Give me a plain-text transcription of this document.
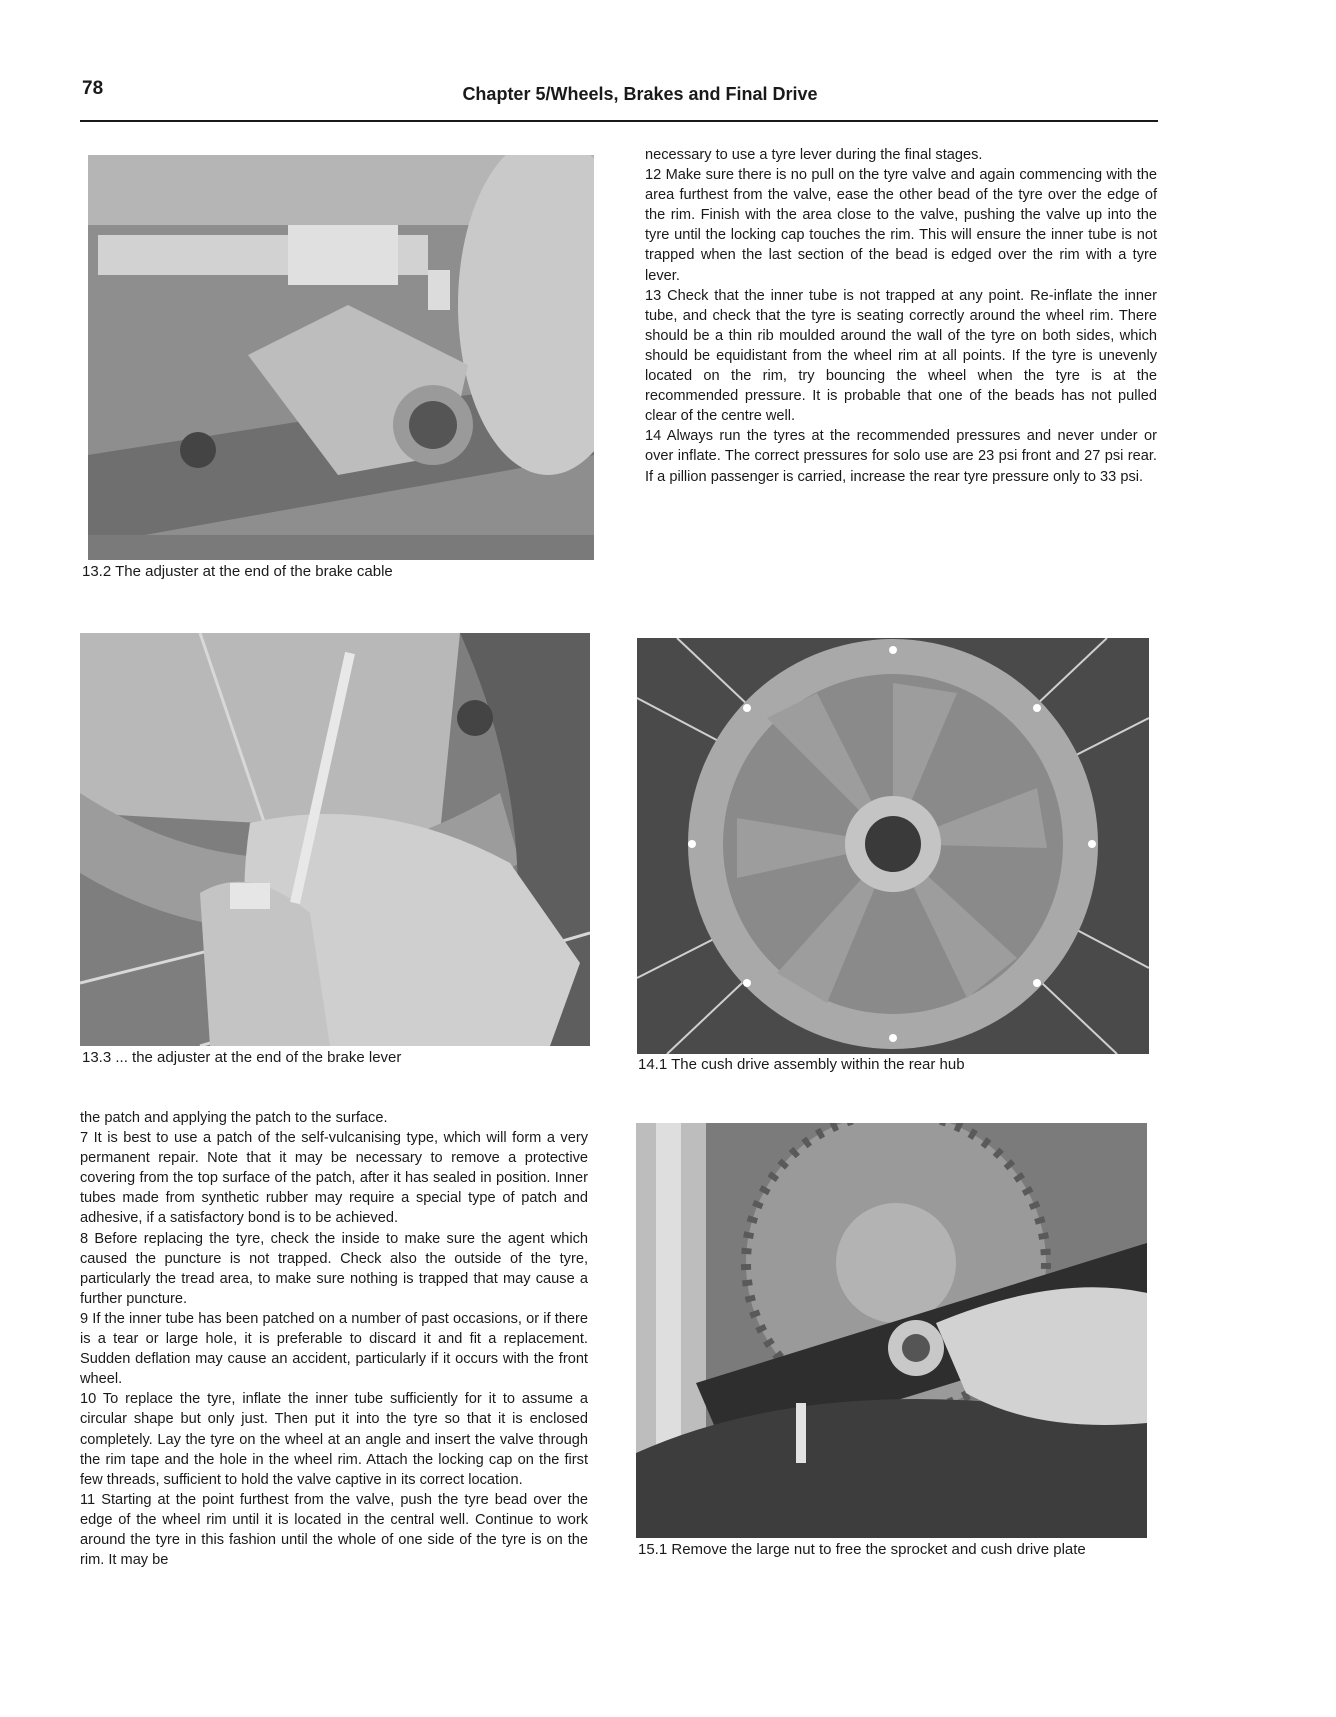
78	Chapter 5/Wheels, Brakes and Final Drive
13.2 The adjuster at the end of the brake cable
13.3 ... the adjuster at the end of the brake lever	14.1 The cush drive assembly within the rear hub

necessary to use a tyre lever during the final stages.

12 Make sure there is no pull on the tyre valve and again commencing with the area furthest from the valve, ease the other bead of the tyre over the edge of the rim. Finish with the area close to the valve, pushing the valve up into the tyre until the locking cap touches the rim. This will ensure the inner tube is not trapped when the last section of the bead is edged over the rim with a tyre lever.

13 Check that the inner tube is not trapped at any point. Re-inflate the inner tube, and check that the tyre is seating correctly around the wheel rim. There should be a thin rib moulded around the wall of the tyre on both sides, which should be equidistant from the wheel rim at all points. If the tyre is unevenly located on the rim, try bouncing the wheel when the tyre is at the recommended pressure. It is probable that one of the beads has not pulled clear of the centre well.

14 Always run the tyres at the recommended pressures and never under or over inflate. The correct pressures for solo use are 23 psi front and 27 psi rear. If a pillion passenger is carried, increase the rear tyre pressure only to 33 psi.

the patch and applying the patch to the surface.

7 It is best to use a patch of the self-vulcanising type, which will form a very permanent repair. Note that it may be necessary to remove a protective covering from the top surface of the patch, after it has sealed in position. Inner tubes made from synthetic rubber may require a special type of patch and adhesive, if a satisfactory bond is to be achieved.

8 Before replacing the tyre, check the inside to make sure the agent which caused the puncture is not trapped. Check also the outside of the tyre, particularly the tread area, to make sure nothing is trapped that may cause a further puncture.

9 If the inner tube has been patched on a number of past occasions, or if there is a tear or large hole, it is preferable to discard it and fit a replacement. Sudden deflation may cause an accident, particularly if it occurs with the front wheel.

10 To replace the tyre, inflate the inner tube sufficiently for it to assume a circular shape but only just. Then put it into the tyre so that it is enclosed completely. Lay the tyre on the wheel at an angle and insert the valve through the rim tape and the hole in the wheel rim. Attach the locking cap on the first few threads, sufficient to hold the valve captive in its correct location.

11 Starting at the point furthest from the valve, push the tyre bead over the edge of the wheel rim until it is located in the central well. Continue to work around the tyre in this fashion until the whole of one side of the tyre is on the rim. It may be

15.1 Remove the large nut to free the sprocket and cush drive plate
